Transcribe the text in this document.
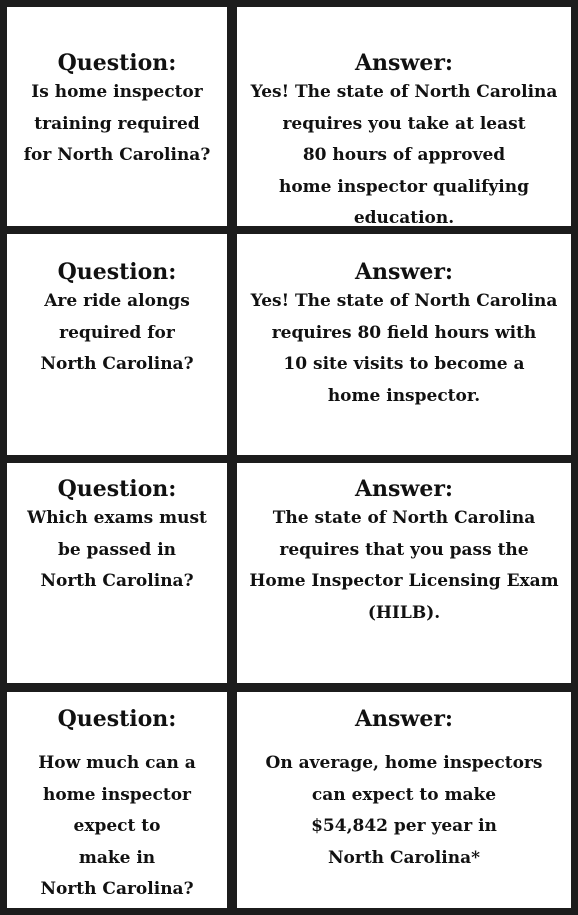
Question:
Is home inspector
training required
for North Carolina?
Answer:
Yes! The state of North Carolina
requires you take at least
80 hours of approved
home inspector qualifying
education.
Question:
Are ride alongs
required for
North Carolina?
Answer:
Yes! The state of North Carolina
requires 80 field hours with
10 site visits to become a
home inspector.
Question:
Which exams must
be passed in
North Carolina?
Answer:
The state of North Carolina
requires that you pass the
Home Inspector Licensing Exam
(HILB).
Question:
How much can a
home inspector
expect to
make in
North Carolina?
Answer:
On average, home inspectors
can expect to make
$54,842 per year in
North Carolina*
